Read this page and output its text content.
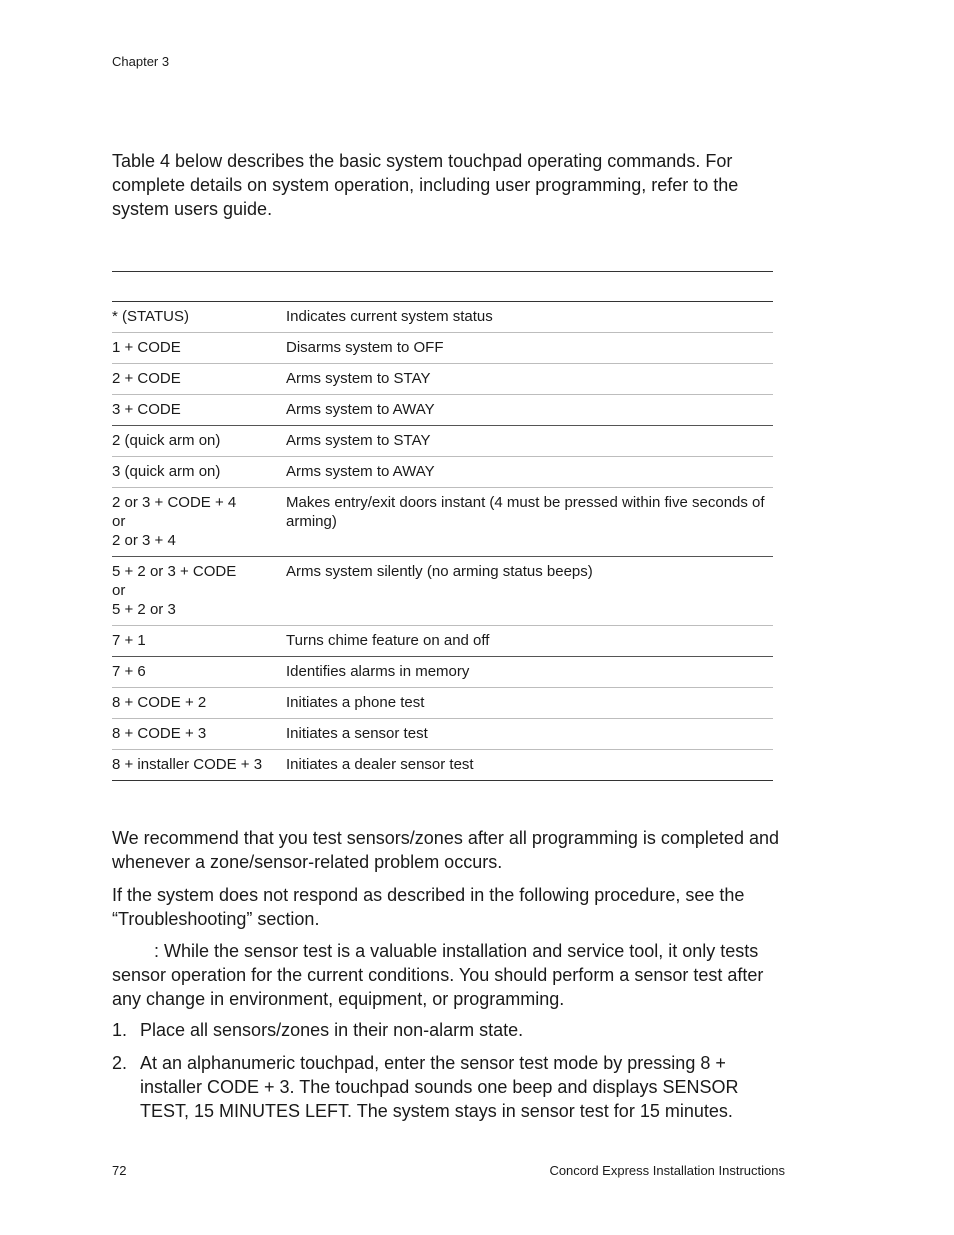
Chapter 3

Table 4 below describes the basic system touchpad operating commands. For complete details on system operation, including user programming, refer to the system users guide.

* (STATUS)	Indicates current system status

1 + CODE	Disarms system to OFF

2 + CODE	Arms system to STAY

3 + CODE	Arms system to AWAY

2 (quick arm on)	Arms system to STAY

3 (quick arm on)	Arms system to AWAY

2 or 3 + CODE + 4
or
2 or 3 + 4	Makes entry/exit doors instant (4 must be pressed within five seconds of arming)

5 + 2 or 3 + CODE
or
5 + 2 or 3	Arms system silently (no arming status beeps)

7 + 1	Turns chime feature on and off

7 + 6	Identifies alarms in memory

8 + CODE + 2	Initiates a phone test

8 + CODE + 3	Initiates a sensor test

8 + installer CODE + 3	Initiates a dealer sensor test

We recommend that you test sensors/zones after all programming is completed and whenever a zone/sensor-related problem occurs.

If the system does not respond as described in the following procedure, see the “Troubleshooting” section.

: While the sensor test is a valuable installation and service tool, it only tests sensor operation for the current conditions. You should perform a sensor test after any change in environment, equipment, or programming.

1. Place all sensors/zones in their non-alarm state.
2. At an alphanumeric touchpad, enter the sensor test mode by pressing 8 + installer CODE + 3. The touchpad sounds one beep and displays SENSOR TEST, 15 MINUTES LEFT. The system stays in sensor test for 15 minutes.
72	Concord Express Installation Instructions
